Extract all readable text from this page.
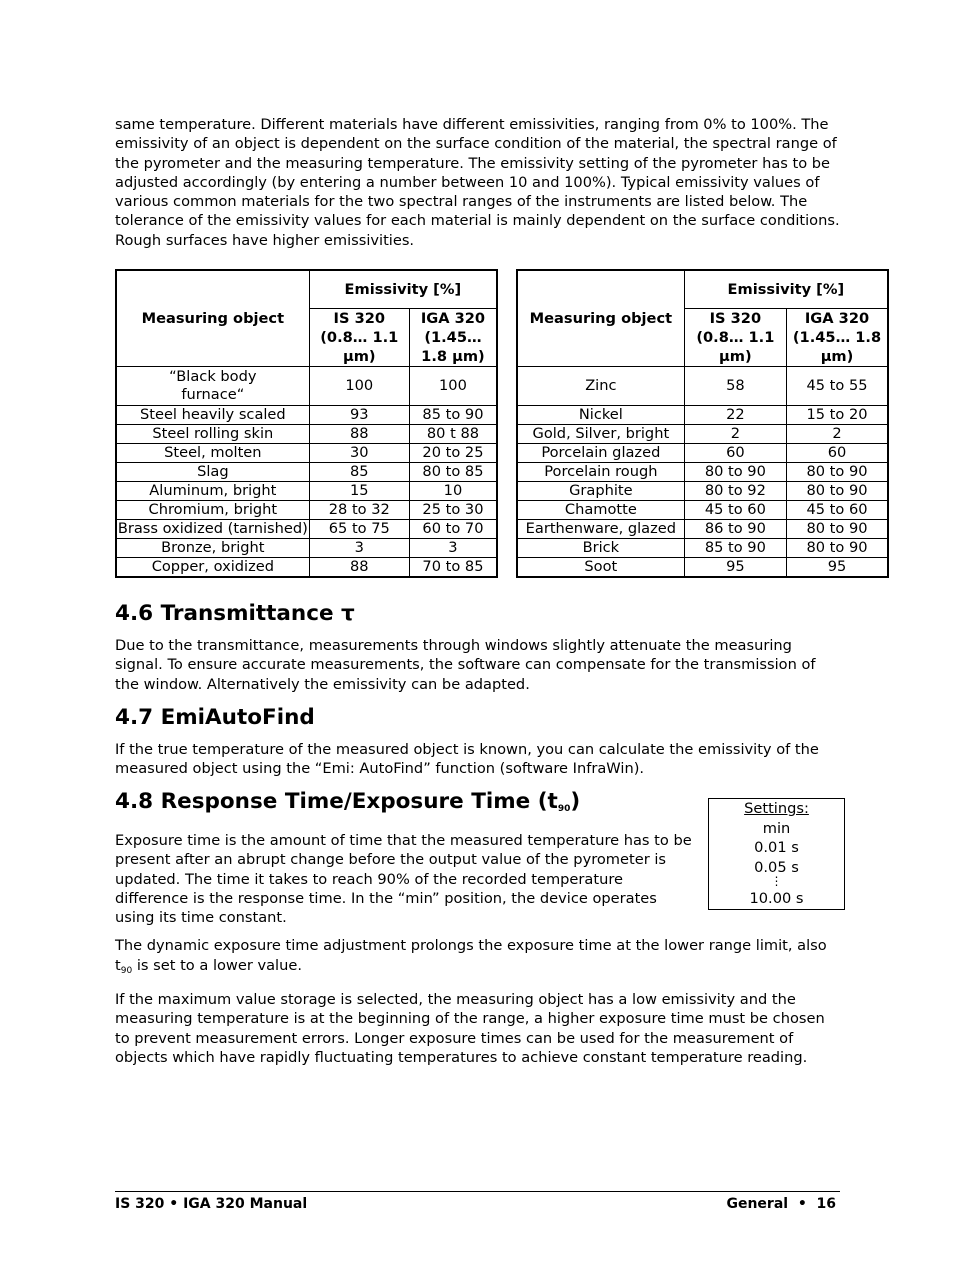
same temperature. Different materials have different emissivities, ranging from 0% to 100%. The emissivity of an object is dependent on the surface condition of the material, the spectral range of the pyrometer and the measuring temperature. The emissivity setting of the pyrometer has to be adjusted accordingly (by entering a number between 10 and 100%). Typical emissivity values of various common materials for the two spectral ranges of the instruments are listed below. The tolerance of the emissivity values for each material is mainly dependent on the surface conditions. Rough surfaces have higher emissivities.

Measuring object	Emissivity [%]	
	IS 320 (0.8… 1.1 µm)	IGA 320 (1.45… 1.8 µm)
“Black body furnace“	100	100
Steel heavily scaled	93	85 to 90
Steel rolling skin	88	80 t 88
Steel, molten	30	20 to 25
Slag	85	80 to 85
Aluminum, bright	15	10
Chromium, bright	28 to 32	25 to 30
Brass oxidized (tarnished)	65 to 75	60 to 70
Bronze, bright	3	3
Copper, oxidized	88	70 to 85
Measuring object	Emissivity [%]	
	IS 320 (0.8… 1.1 µm)	IGA 320 (1.45… 1.8 µm)
Zinc	58	45 to 55
Nickel	22	15 to 20
Gold, Silver, bright	2	2
Porcelain glazed	60	60
Porcelain rough	80 to 90	80 to 90
Graphite	80 to 92	80 to 90
Chamotte	45 to 60	45 to 60
Earthenware, glazed	86 to 90	80 to 90
Brick	85 to 90	80 to 90
Soot	95	95
4.6 Transmittance τ

Due to the transmittance, measurements through windows slightly attenuate the measuring signal. To ensure accurate measurements, the software can compensate for the transmission of the window. Alternatively the emissivity can be adapted.

4.7 EmiAutoFind

If the true temperature of the measured object is known, you can calculate the emissivity of the measured object using the “Emi: AutoFind” function (software InfraWin).

4.8 Response Time/Exposure Time $(t_{90})$

Exposure time is the amount of time that the measured temperature has to be present after an abrupt change before the output value of the pyrometer is updated. The time it takes to reach 90% of the recorded temperature difference is the response time. In the “min” position, the device operates using its time constant.

The dynamic exposure time adjustment prolongs the exposure time at the lower range limit, also $t_{90}$ is set to a lower value.

If the maximum value storage is selected, the measuring object has a low emissivity and the measuring temperature is at the beginning of the range, a higher exposure time must be chosen to prevent measurement errors. Longer exposure times can be used for the measurement of objects which have rapidly fluctuating temperatures to achieve constant temperature reading.

Settings:
min
0.01 s
0.05 s
⋮
10.00 s
IS 320 • IGA 320 Manual	General  •  16
